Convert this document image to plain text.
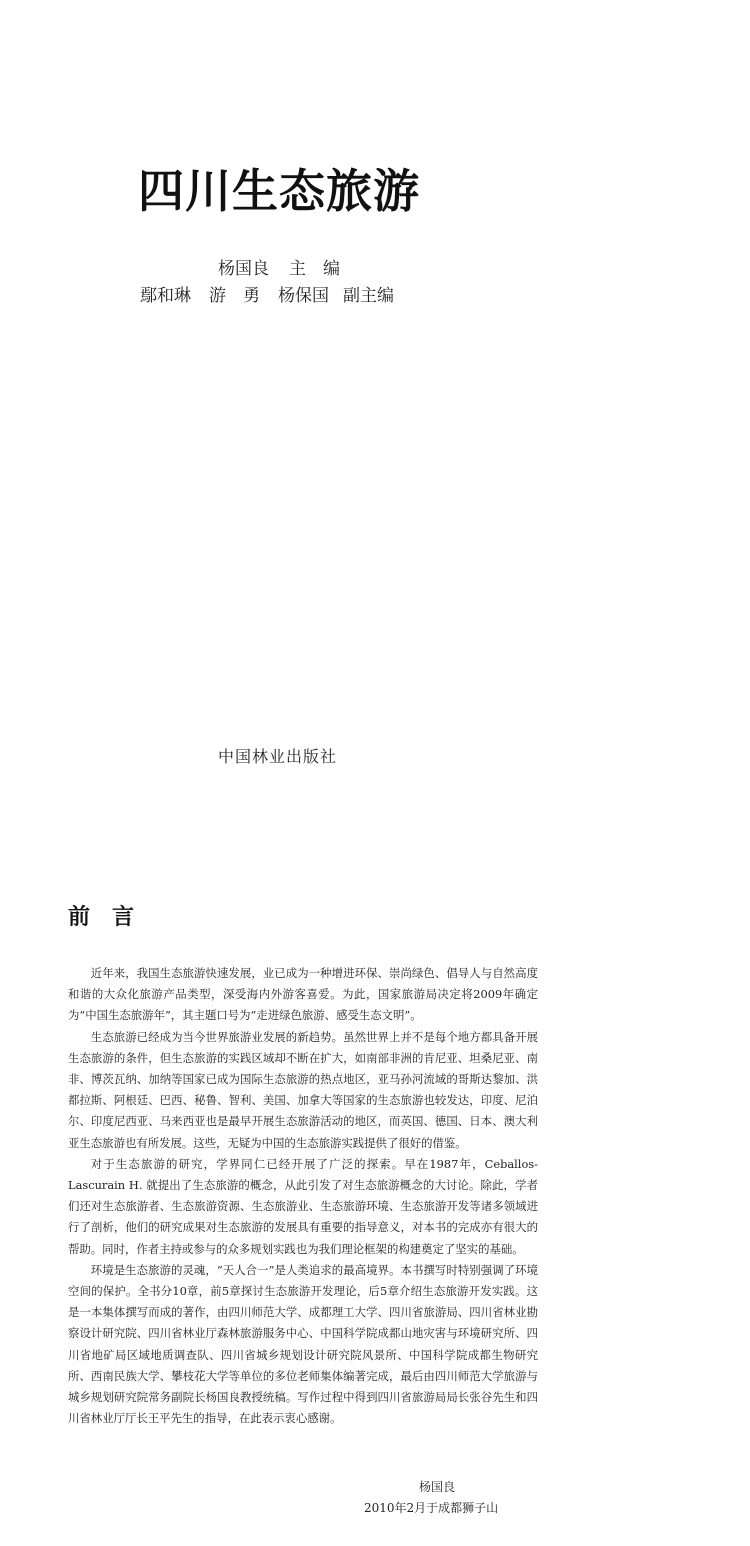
四川生态旅游
杨国良 主　编
鄢和琳 游　勇 杨保国 副主编
中国林业出版社
前　言

近年来，我国生态旅游快速发展，业已成为一种增进环保、崇尚绿色、倡导人与自然高度和谐的大众化旅游产品类型，深受海内外游客喜爱。为此，国家旅游局决定将2009年确定为“中国生态旅游年”，其主题口号为“走进绿色旅游、感受生态文明”。

生态旅游已经成为当今世界旅游业发展的新趋势。虽然世界上并不是每个地方都具备开展生态旅游的条件，但生态旅游的实践区域却不断在扩大，如南部非洲的肯尼亚、坦桑尼亚、南非、博茨瓦纳、加纳等国家已成为国际生态旅游的热点地区，亚马孙河流域的哥斯达黎加、洪都拉斯、阿根廷、巴西、秘鲁、智利、美国、加拿大等国家的生态旅游也较发达，印度、尼泊尔、印度尼西亚、马来西亚也是最早开展生态旅游活动的地区，而英国、德国、日本、澳大利亚生态旅游也有所发展。这些，无疑为中国的生态旅游实践提供了很好的借鉴。

对于生态旅游的研究，学界同仁已经开展了广泛的探索。早在1987年，Ceballos-Lascurain H. 就提出了生态旅游的概念，从此引发了对生态旅游概念的大讨论。除此，学者们还对生态旅游者、生态旅游资源、生态旅游业、生态旅游环境、生态旅游开发等诸多领域进行了剖析，他们的研究成果对生态旅游的发展具有重要的指导意义，对本书的完成亦有很大的帮助。同时，作者主持或参与的众多规划实践也为我们理论框架的构建奠定了坚实的基础。

环境是生态旅游的灵魂，“天人合一”是人类追求的最高境界。本书撰写时特别强调了环境空间的保护。全书分10章，前5章探讨生态旅游开发理论，后5章介绍生态旅游开发实践。这是一本集体撰写而成的著作，由四川师范大学、成都理工大学、四川省旅游局、四川省林业勘察设计研究院、四川省林业厅森林旅游服务中心、中国科学院成都山地灾害与环境研究所、四川省地矿局区域地质调查队、四川省城乡规划设计研究院风景所、中国科学院成都生物研究所、西南民族大学、攀枝花大学等单位的多位老师集体编著完成，最后由四川师范大学旅游与城乡规划研究院常务副院长杨国良教授统稿。写作过程中得到四川省旅游局局长张谷先生和四川省林业厅厅长王平先生的指导，在此表示衷心感谢。

杨国良
2010年2月于成都狮子山
